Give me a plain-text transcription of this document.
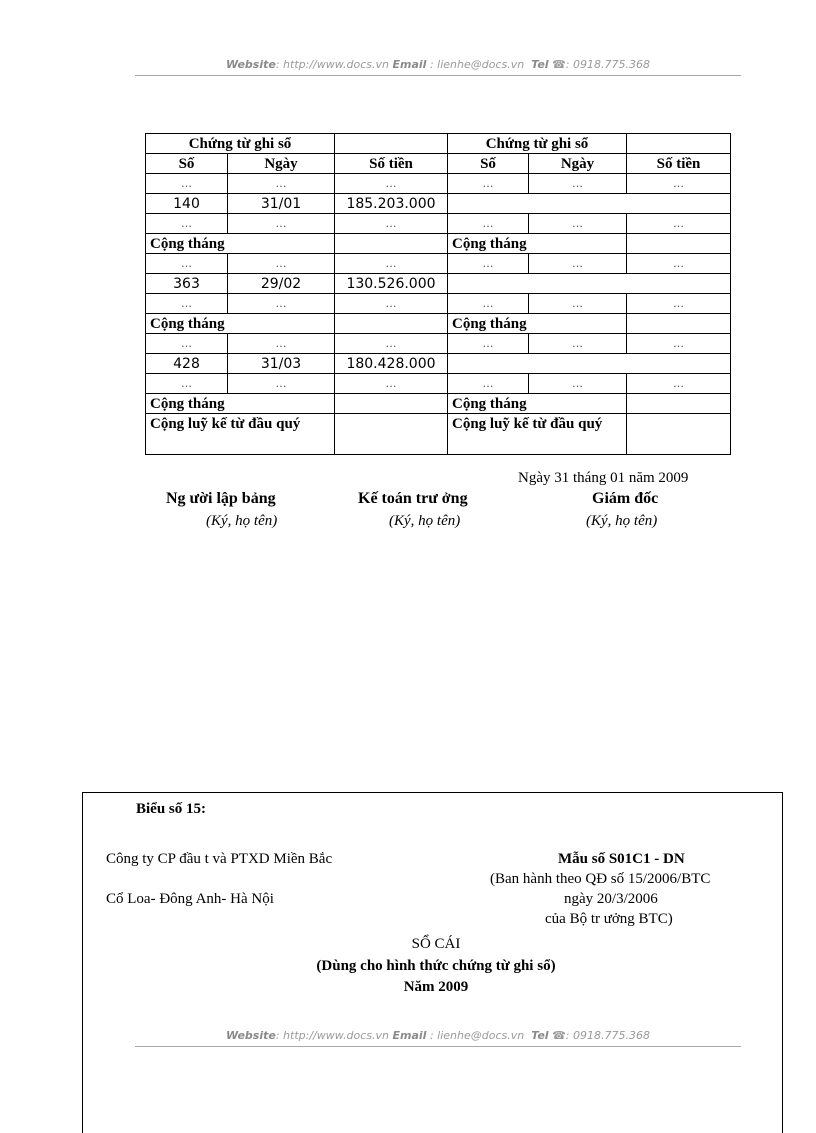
Website: http://www.docs.vn Email : lienhe@docs.vn Tel ☎: 0918.775.368
Chứng từ ghi sổ			Chứng từ ghi sổ		
Số	Ngày	Số tiền	Số	Ngày	Số tiền
…	…	…	…	…	…
140	31/01	185.203.000			
…	…	…	…	…	…
Cộng tháng			Cộng tháng		
…	…	…	…	…	…
363	29/02	130.526.000			
…	…	…	…	…	…
Cộng tháng			Cộng tháng		
…	…	…	…	…	…
428	31/03	180.428.000			
…	…	…	…	…	…
Cộng tháng			Cộng tháng		
Cộng luỹ kế từ đầu quý			Cộng luỹ kế từ đầu quý		
Ngày 31 tháng 01 năm 2009
Ng ười lập bảng
(Ký, họ tên)
Kế toán trư ởng
(Ký, họ tên)
Giám đốc
(Ký, họ tên)
Biểu số 15:
Công ty CP đầu t và PTXD Miền Bắc
Cổ Loa- Đông Anh- Hà Nội
Mẫu số S01C1 - DN
(Ban hành theo QĐ số 15/2006/BTC
ngày 20/3/2006
của Bộ tr ưởng BTC)
SỔ CÁI
(Dùng cho hình thức chứng từ ghi sổ)
Năm 2009
Website: http://www.docs.vn Email : lienhe@docs.vn Tel ☎: 0918.775.368
